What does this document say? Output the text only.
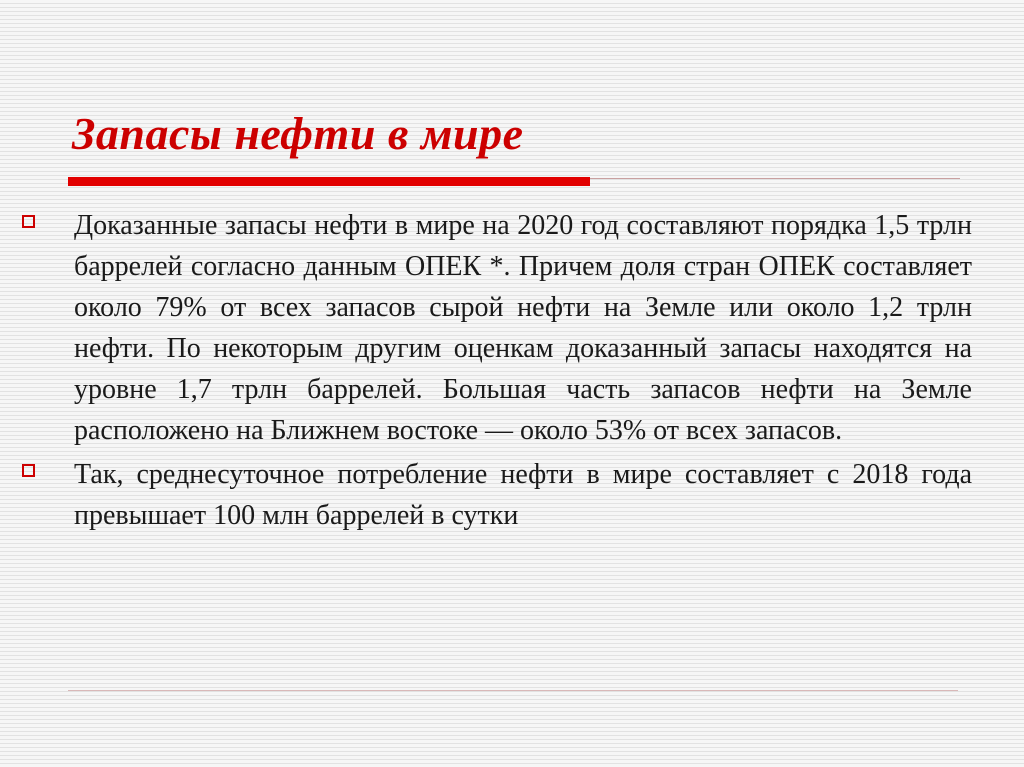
Запасы нефти в мире
Доказанные запасы нефти в мире на 2020 год составляют порядка 1,5 трлн баррелей согласно данным ОПЕК *. Причем доля стран ОПЕК составляет около 79% от всех запасов сырой нефти на Земле или около 1,2 трлн нефти. По некоторым другим оценкам доказанный запасы находятся на уровне 1,7 трлн баррелей. Большая часть запасов нефти на Земле расположено на Ближнем востоке — около 53% от всех запасов.
Так, среднесуточное потребление нефти в мире составляет с 2018 года превышает 100 млн баррелей в сутки
